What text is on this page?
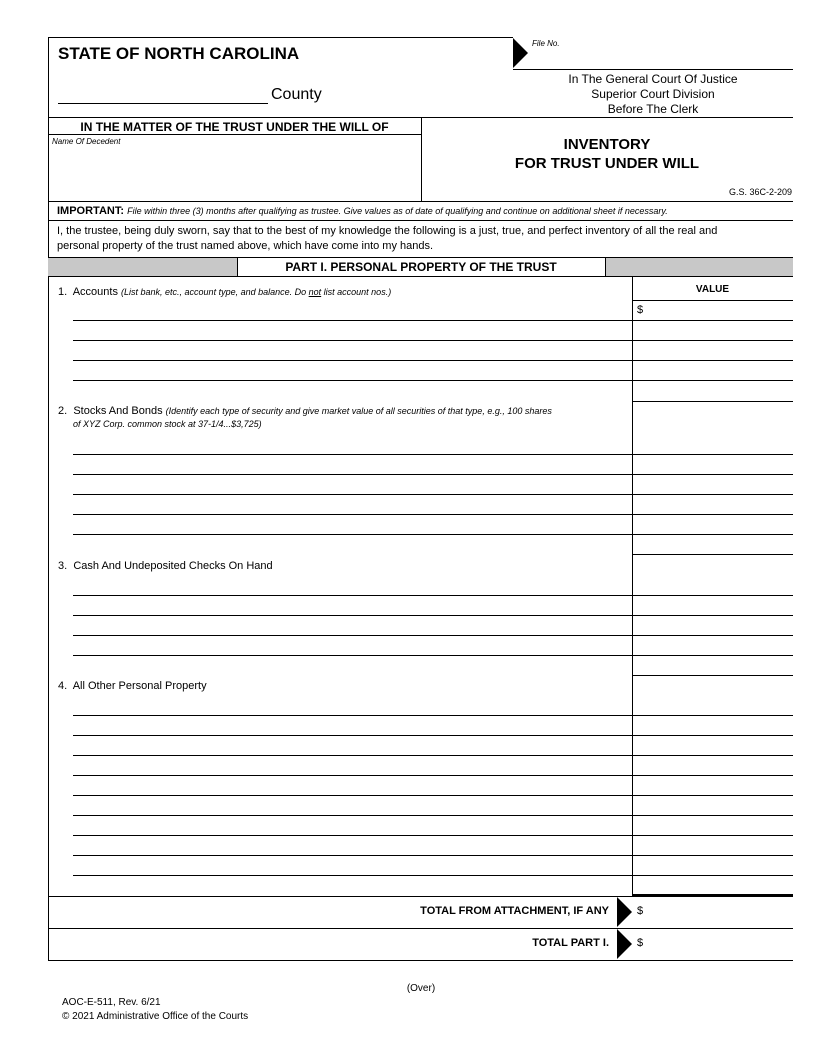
STATE OF NORTH CAROLINA
County
File No.
In The General Court Of Justice
Superior Court Division
Before The Clerk
IN THE MATTER OF THE TRUST UNDER THE WILL OF
Name Of Decedent	INVENTORY
FOR TRUST UNDER WILL
G.S. 36C-2-209
IMPORTANT: File within three (3) months after qualifying as trustee. Give values as of date of qualifying and continue on additional sheet if necessary.
I, the trustee, being duly sworn, say that to the best of my knowledge the following is a just, true, and perfect inventory of all the real and
personal property of the trust named above, which have come into my hands.
PART I. PERSONAL PROPERTY OF THE TRUST
VALUE
$
1. Accounts (List bank, etc., account type, and balance. Do not list account nos.)
2. Stocks And Bonds (Identify each type of security and give market value of all securities of that type, e.g., 100 shares
of XYZ Corp. common stock at 37-1/4...$3,725)
3. Cash And Undeposited Checks On Hand
4. All Other Personal Property
TOTAL FROM ATTACHMENT, IF ANY	$
TOTAL PART I.	$
(Over)
AOC-E-511, Rev. 6/21
© 2021 Administrative Office of the Courts
